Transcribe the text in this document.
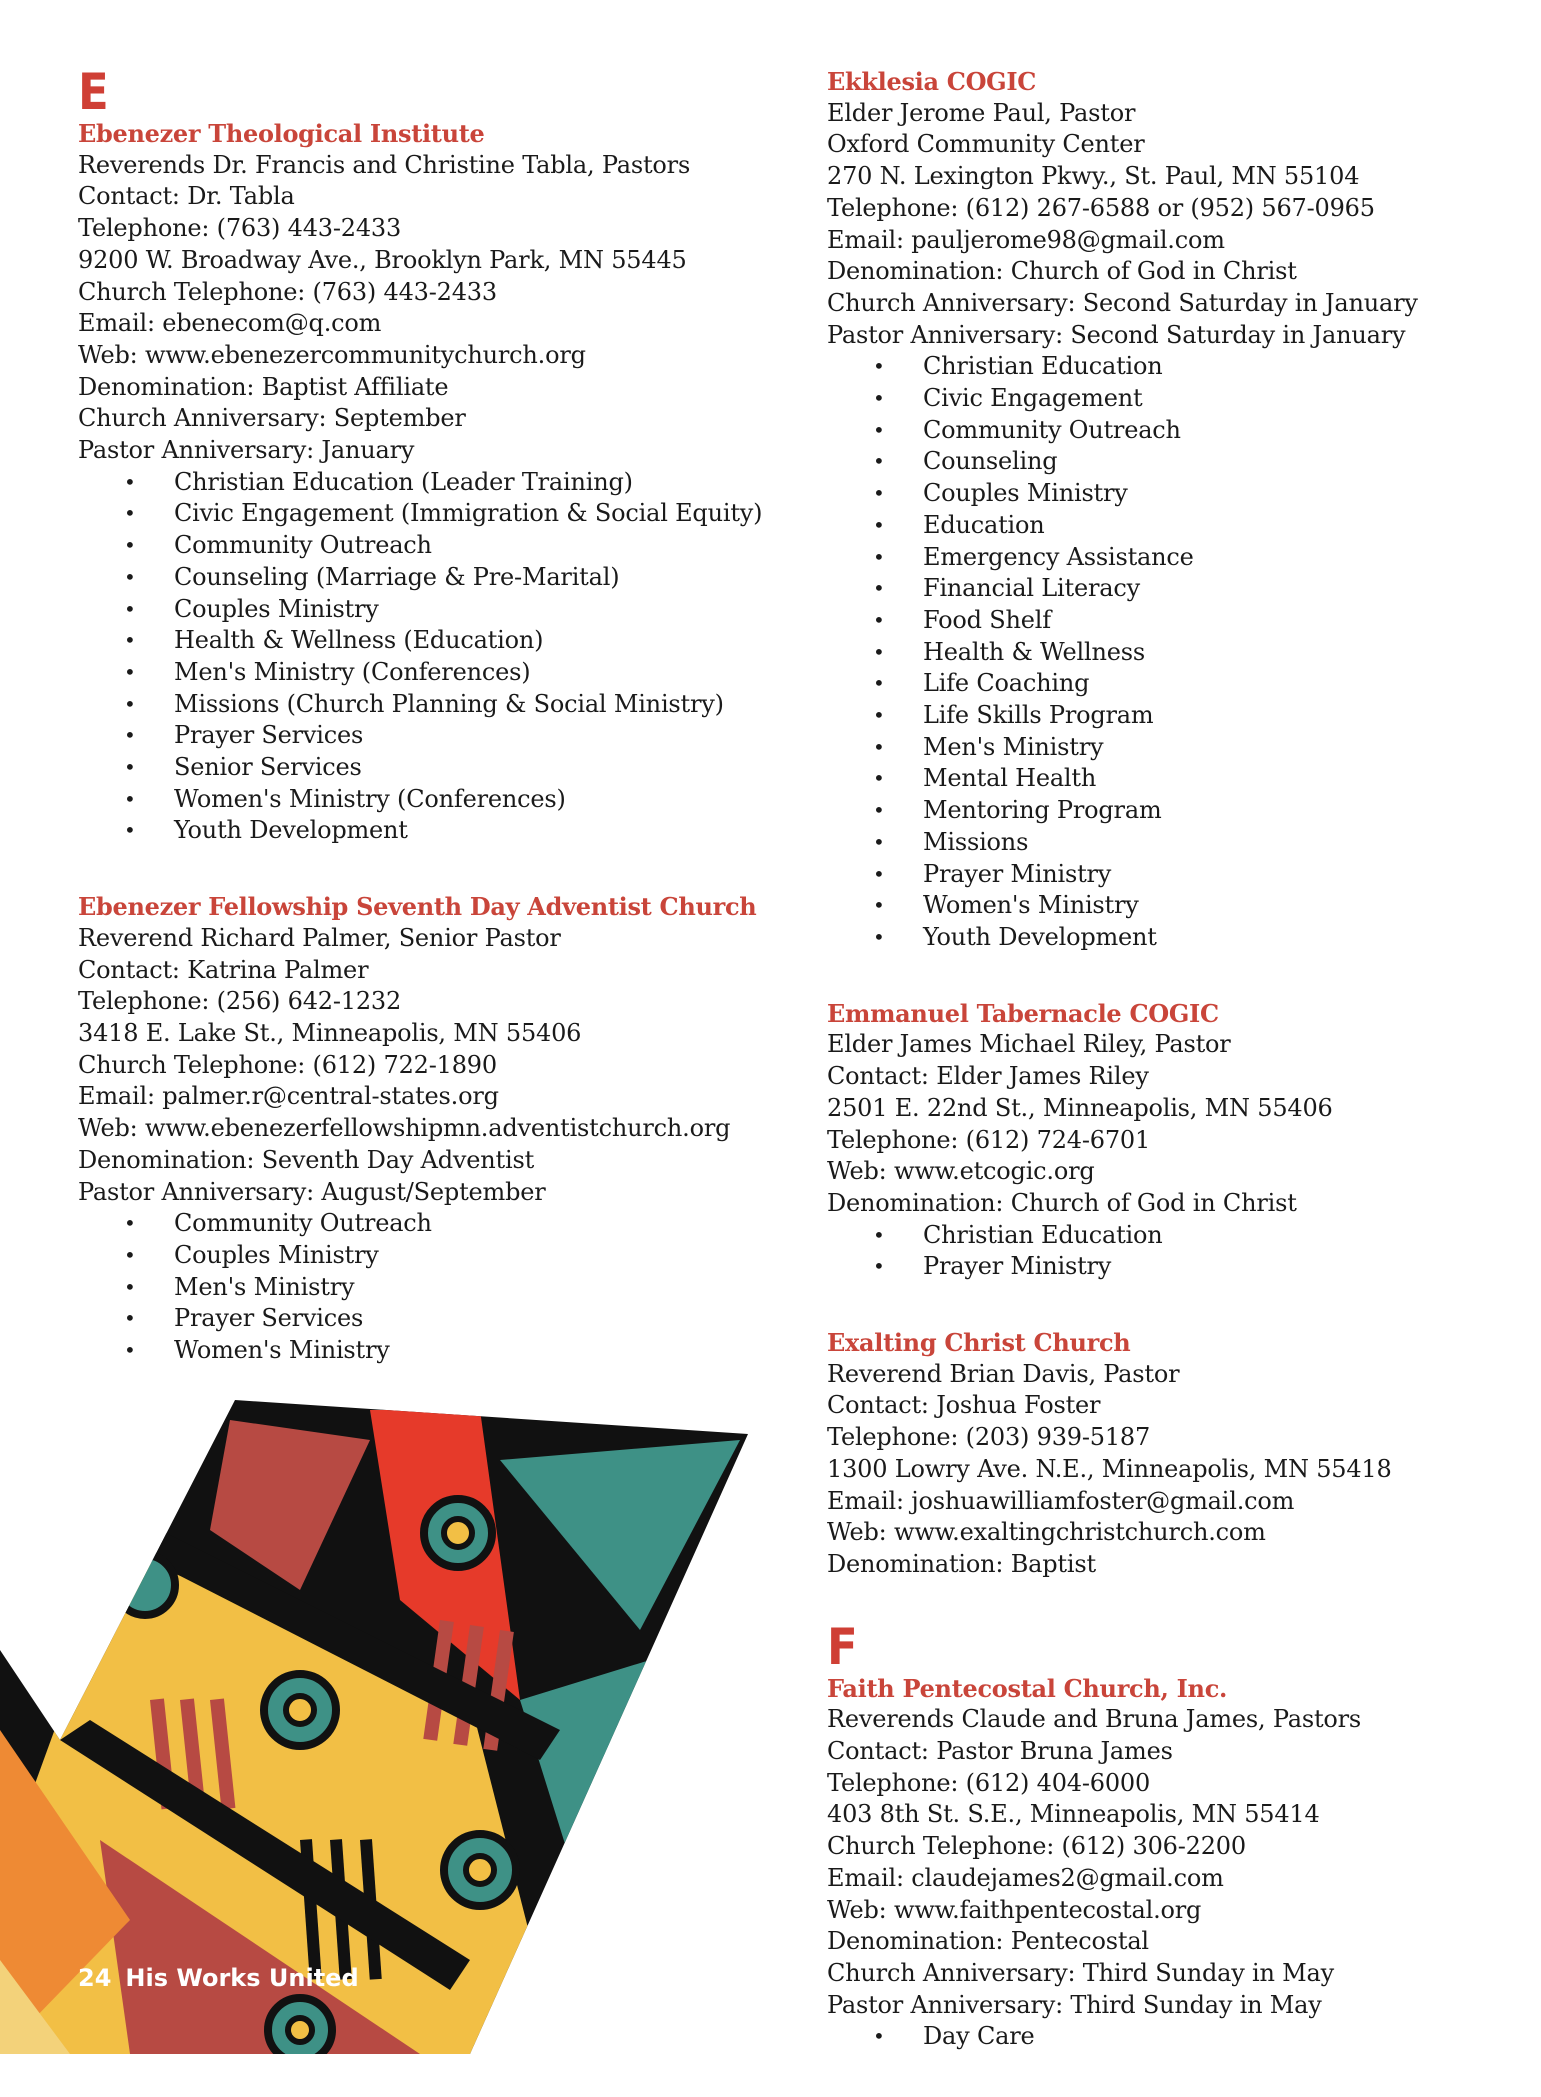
E
Ebenezer Theological Institute
Reverends Dr. Francis and Christine Tabla, Pastors
Contact: Dr. Tabla
Telephone: (763) 443-2433
9200 W. Broadway Ave., Brooklyn Park, MN 55445
Church Telephone: (763) 443-2433
Email: ebenecom@q.com
Web: www.ebenezercommunitychurch.org
Denomination: Baptist Affiliate
Church Anniversary: September
Pastor Anniversary: January
• Christian Education (Leader Training)
• Civic Engagement (Immigration & Social Equity)
• Community Outreach
• Counseling (Marriage & Pre-Marital)
• Couples Ministry
• Health & Wellness (Education)
• Men's Ministry (Conferences)
• Missions (Church Planning & Social Ministry)
• Prayer Services
• Senior Services
• Women's Ministry (Conferences)
• Youth Development
Ebenezer Fellowship Seventh Day Adventist Church
Reverend Richard Palmer, Senior Pastor
Contact: Katrina Palmer
Telephone: (256) 642-1232
3418 E. Lake St., Minneapolis, MN 55406
Church Telephone: (612) 722-1890
Email: palmer.r@central-states.org
Web: www.ebenezerfellowshipmn.adventistchurch.org
Denomination: Seventh Day Adventist
Pastor Anniversary: August/September
• Community Outreach
• Couples Ministry
• Men's Ministry
• Prayer Services
• Women's Ministry
Ekklesia COGIC
Elder Jerome Paul, Pastor
Oxford Community Center
270 N. Lexington Pkwy., St. Paul, MN 55104
Telephone: (612) 267-6588 or (952) 567-0965
Email: pauljerome98@gmail.com
Denomination: Church of God in Christ
Church Anniversary: Second Saturday in January
Pastor Anniversary: Second Saturday in January
• Christian Education
• Civic Engagement
• Community Outreach
• Counseling
• Couples Ministry
• Education
• Emergency Assistance
• Financial Literacy
• Food Shelf
• Health & Wellness
• Life Coaching
• Life Skills Program
• Men's Ministry
• Mental Health
• Mentoring Program
• Missions
• Prayer Ministry
• Women's Ministry
• Youth Development
Emmanuel Tabernacle COGIC
Elder James Michael Riley, Pastor
Contact: Elder James Riley
2501 E. 22nd St., Minneapolis, MN 55406
Telephone: (612) 724-6701
Web: www.etcogic.org
Denomination: Church of God in Christ
• Christian Education
• Prayer Ministry
Exalting Christ Church
Reverend Brian Davis, Pastor
Contact: Joshua Foster
Telephone: (203) 939-5187
1300 Lowry Ave. N.E., Minneapolis, MN 55418
Email: joshuawilliamfoster@gmail.com
Web: www.exaltingchristchurch.com
Denomination: Baptist
F
Faith Pentecostal Church, Inc.
Reverends Claude and Bruna James, Pastors
Contact: Pastor Bruna James
Telephone: (612) 404-6000
403 8th St. S.E., Minneapolis, MN 55414
Church Telephone: (612) 306-2200
Email: claudejames2@gmail.com
Web: www.faithpentecostal.org
Denomination: Pentecostal
Church Anniversary: Third Sunday in May
Pastor Anniversary: Third Sunday in May
• Day Care
24 His Works United
